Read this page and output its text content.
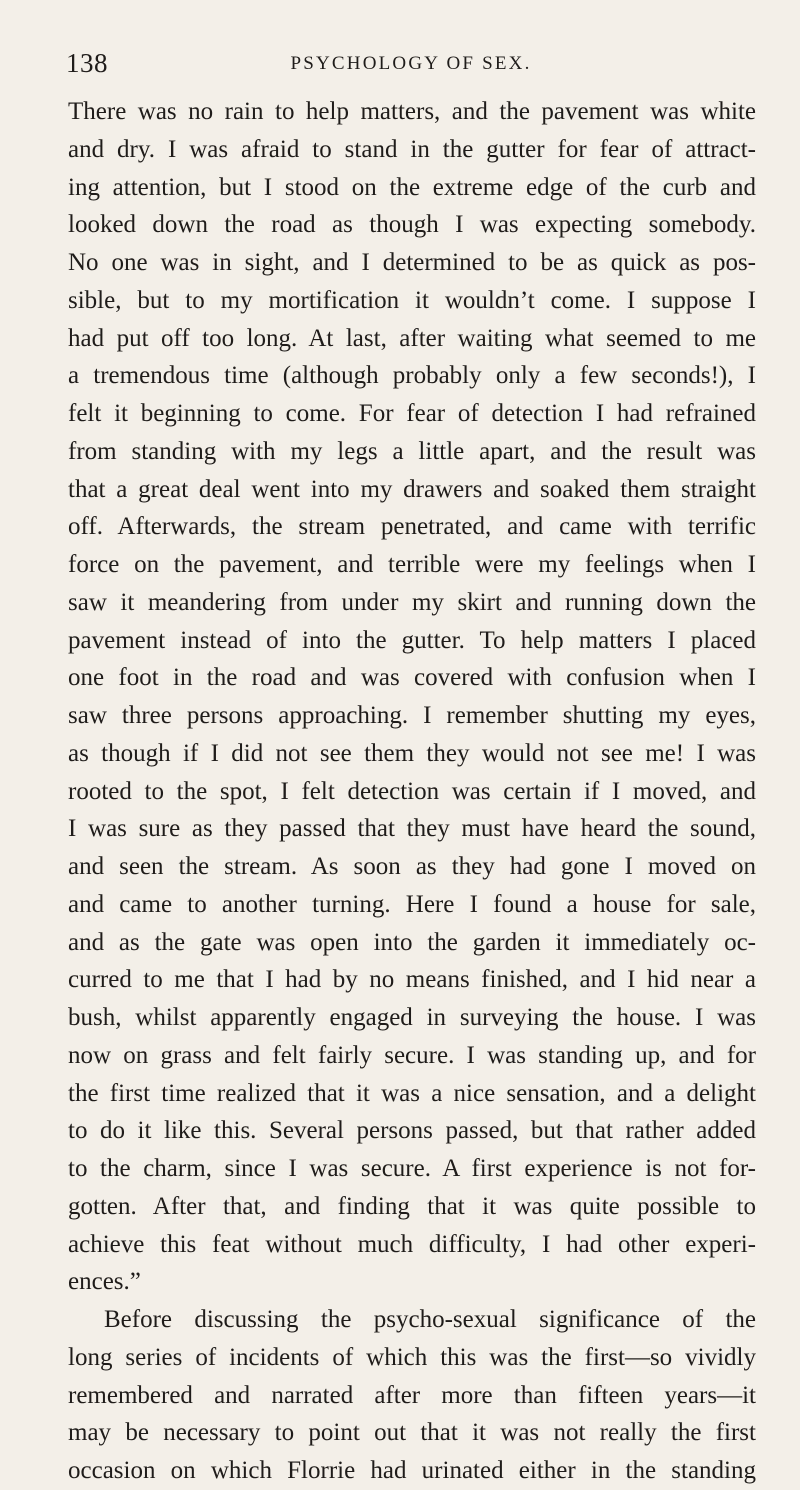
138	PSYCHOLOGY OF SEX.
There was no rain to help matters, and the pavement was white
and dry. I was afraid to stand in the gutter for fear of attract-
ing attention, but I stood on the extreme edge of the curb and
looked down the road as though I was expecting somebody.
No one was in sight, and I determined to be as quick as pos-
sible, but to my mortification it wouldn’t come. I suppose I
had put off too long. At last, after waiting what seemed to me
a tremendous time (although probably only a few seconds!), I
felt it beginning to come. For fear of detection I had refrained
from standing with my legs a little apart, and the result was
that a great deal went into my drawers and soaked them straight
off. Afterwards, the stream penetrated, and came with terrific
force on the pavement, and terrible were my feelings when I
saw it meandering from under my skirt and running down the
pavement instead of into the gutter. To help matters I placed
one foot in the road and was covered with confusion when I
saw three persons approaching. I remember shutting my eyes,
as though if I did not see them they would not see me! I was
rooted to the spot, I felt detection was certain if I moved, and
I was sure as they passed that they must have heard the sound,
and seen the stream. As soon as they had gone I moved on
and came to another turning. Here I found a house for sale,
and as the gate was open into the garden it immediately oc-
curred to me that I had by no means finished, and I hid near a
bush, whilst apparently engaged in surveying the house. I was
now on grass and felt fairly secure. I was standing up, and for
the first time realized that it was a nice sensation, and a delight
to do it like this. Several persons passed, but that rather added
to the charm, since I was secure. A first experience is not for-
gotten. After that, and finding that it was quite possible to
achieve this feat without much difficulty, I had other experi-
ences.”
Before discussing the psycho-sexual significance of the
long series of incidents of which this was the first—so vividly
remembered and narrated after more than fifteen years—it
may be necessary to point out that it was not really the first
occasion on which Florrie had urinated either in the standing
